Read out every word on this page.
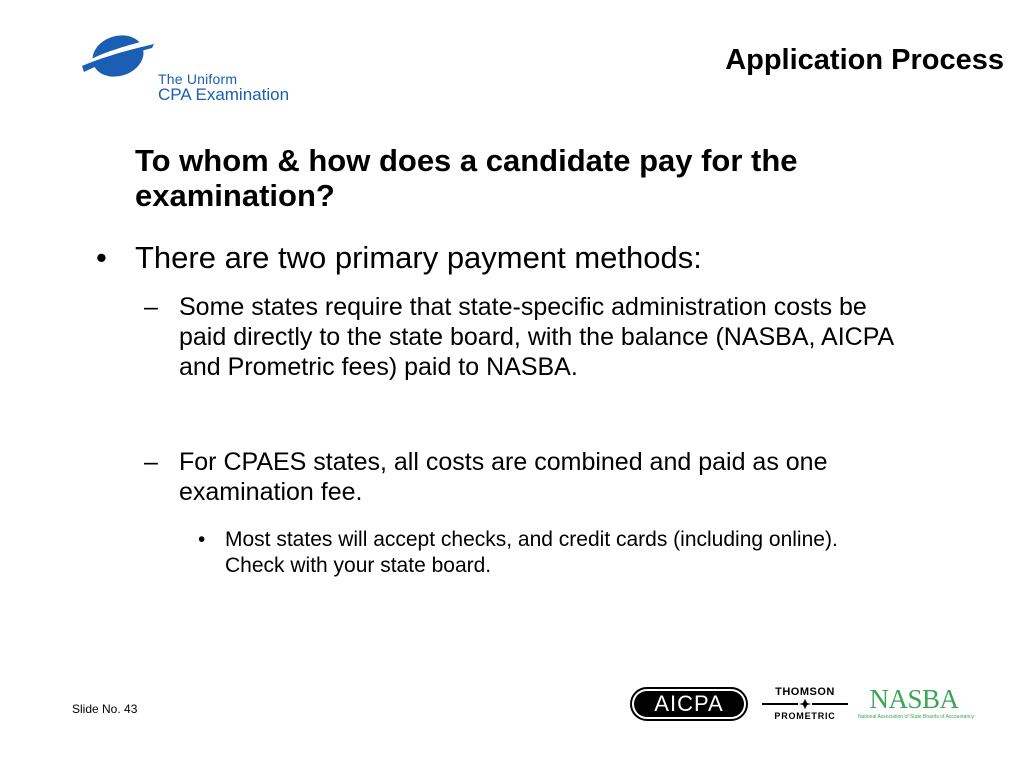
The Uniform
CPA Examination
Application Process
To whom & how does a candidate pay for the examination?
• There are two primary payment methods:
– Some states require that state-specific administration costs be paid directly to the state board, with the balance (NASBA, AICPA and Prometric fees) paid to NASBA.
– For CPAES states, all costs are combined and paid as one examination fee.
• Most states will accept checks, and credit cards (including online). Check with your state board.
Slide No. 43	AICPA	THOMSON
PROMETRIC
NASBA
National Association of State Boards of Accountancy
